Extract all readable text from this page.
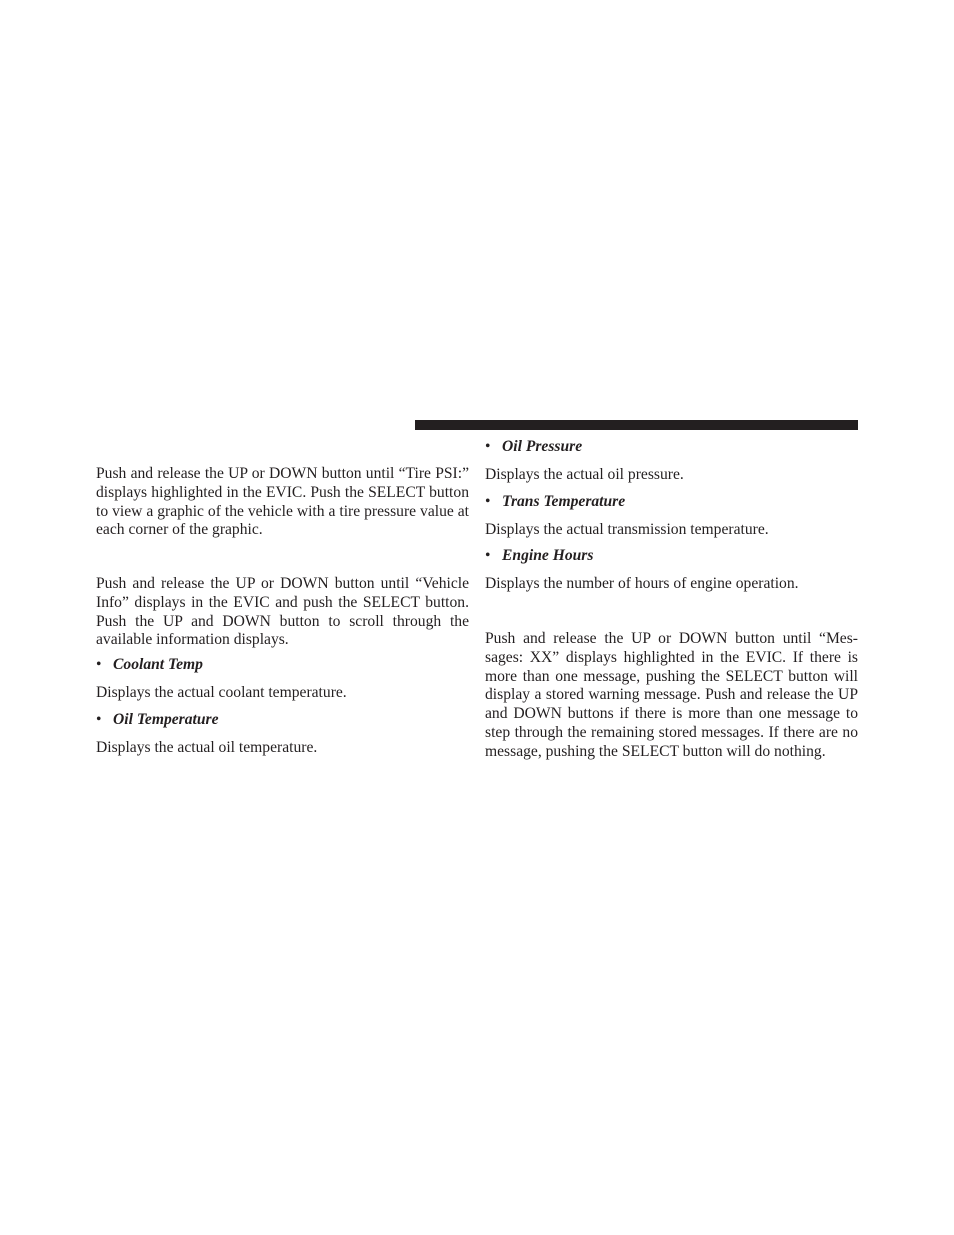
Push and release the UP or DOWN button until “Tire PSI:” displays highlighted in the EVIC. Push the SELECT button to view a graphic of the vehicle with a tire pressure value at each corner of the graphic.

Push and release the UP or DOWN button until “Vehicle Info” displays in the EVIC and push the SELECT button. Push the UP and DOWN button to scroll through the available information displays.

• Coolant Temp

Displays the actual coolant temperature.

• Oil Temperature

Displays the actual oil temperature.

• Oil Pressure

Displays the actual oil pressure.

• Trans Temperature

Displays the actual transmission temperature.

• Engine Hours

Displays the number of hours of engine operation.

Push and release the UP or DOWN button until “Mes-sages: XX” displays highlighted in the EVIC. If there is more than one message, pushing the SELECT button will display a stored warning message. Push and release the UP and DOWN buttons if there is more than one message to step through the remaining stored messages. If there are no message, pushing the SELECT button will do nothing.
